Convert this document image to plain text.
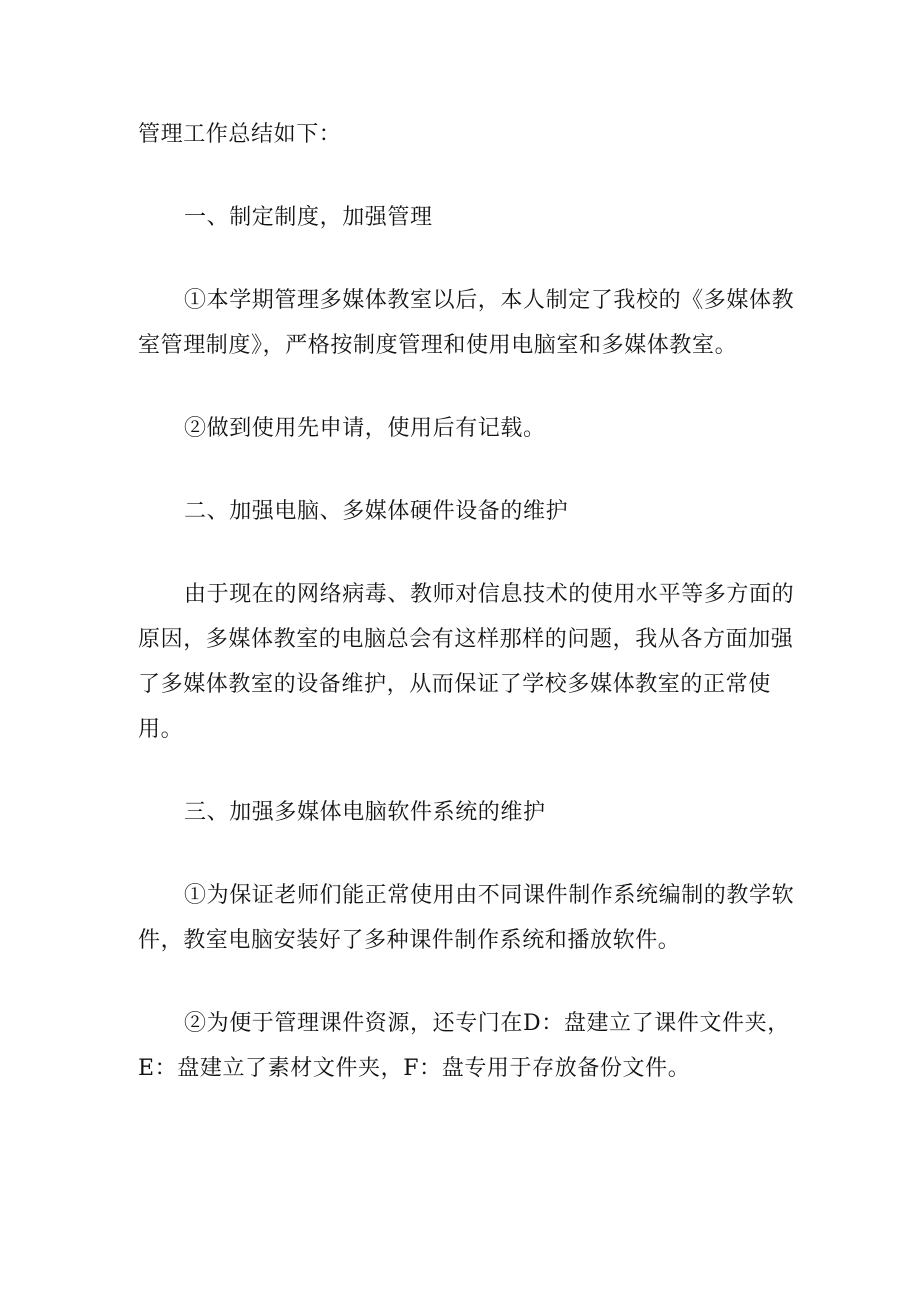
管理工作总结如下：

一、制定制度，加强管理

①本学期管理多媒体教室以后，本人制定了我校的《多媒体教室管理制度》，严格按制度管理和使用电脑室和多媒体教室。

②做到使用先申请，使用后有记载。

二、加强电脑、多媒体硬件设备的维护

由于现在的网络病毒、教师对信息技术的使用水平等多方面的原因，多媒体教室的电脑总会有这样那样的问题，我从各方面加强了多媒体教室的设备维护，从而保证了学校多媒体教室的正常使用。

三、加强多媒体电脑软件系统的维护

①为保证老师们能正常使用由不同课件制作系统编制的教学软件，教室电脑安装好了多种课件制作系统和播放软件。

②为便于管理课件资源，还专门在D：盘建立了课件文件夹，E：盘建立了素材文件夹，F：盘专用于存放备份文件。
